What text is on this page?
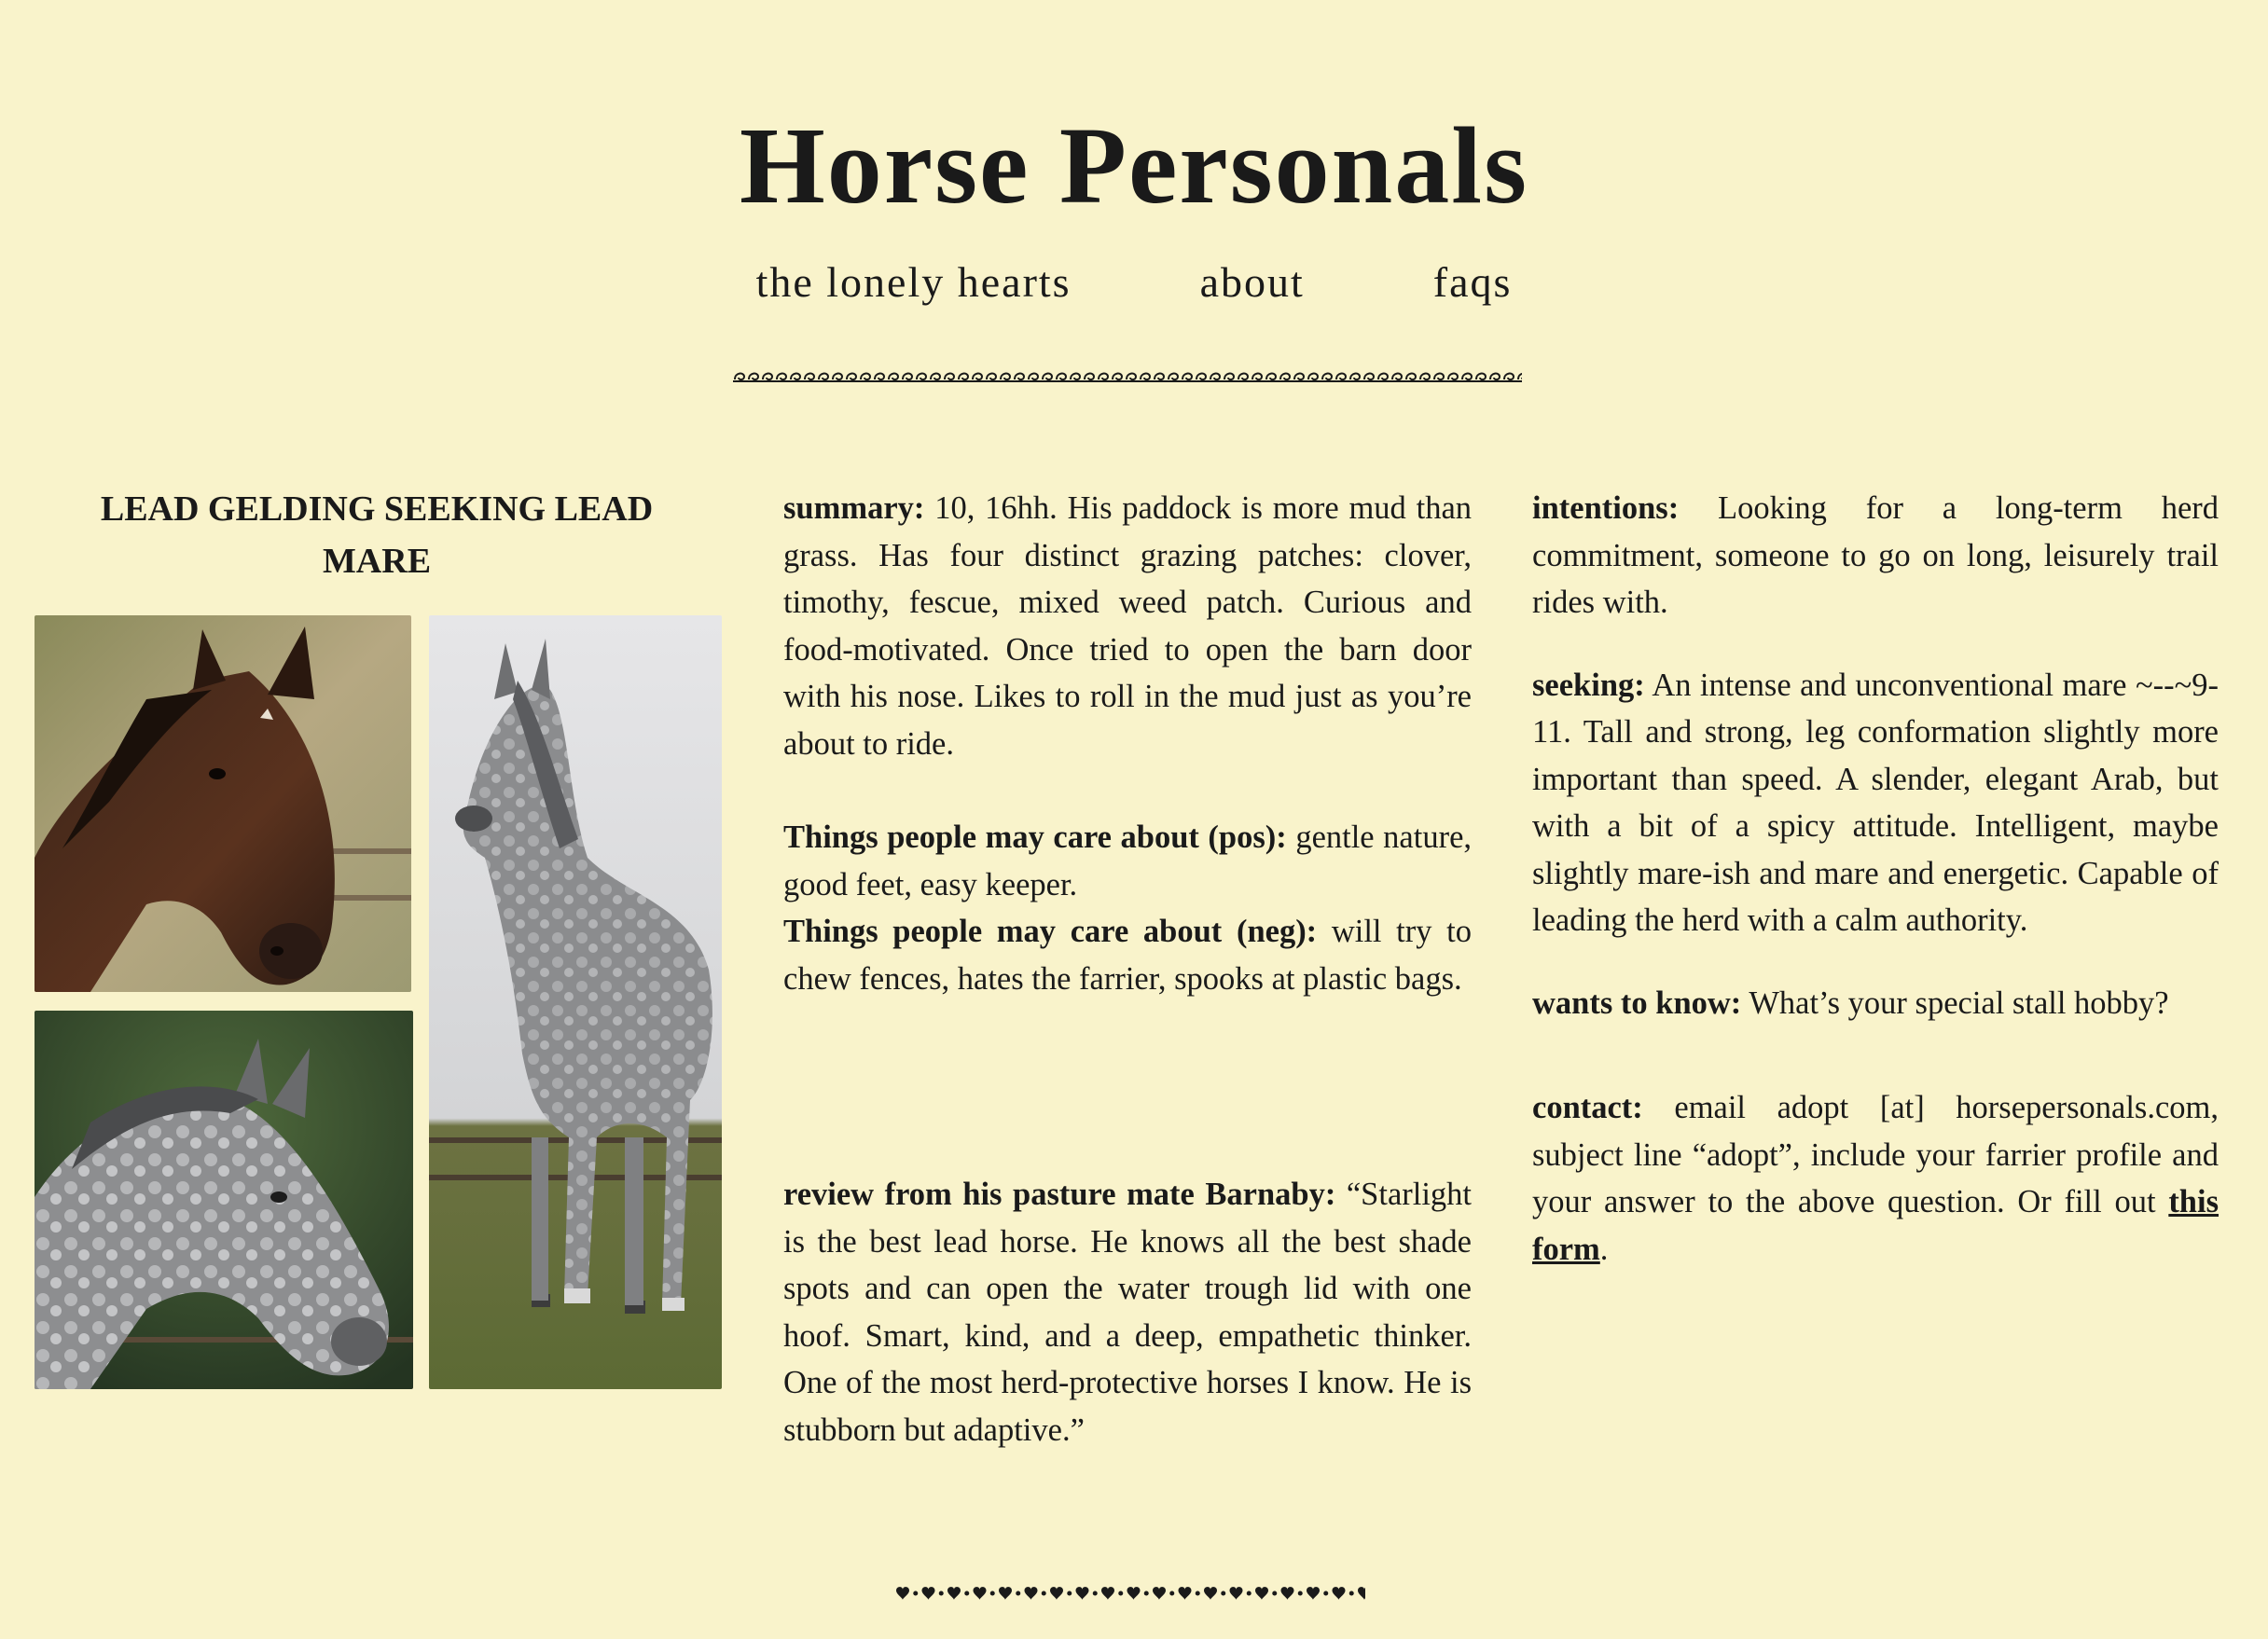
Horse Personals
the lonely hearts	about	faqs
LEAD GELDING SEEKING LEAD MARE

summary: 10, 16hh. His paddock is more mud than grass. Has four distinct grazing patches: clover, timothy, fescue, mixed weed patch. Curious and food-motivated. Once tried to open the barn door with his nose. Likes to roll in the mud just as you’re about to ride.

Things people may care about (pos): gentle nature, good feet, easy keeper.

Things people may care about (neg): will try to chew fences, hates the farrier, spooks at plastic bags.

review from his pasture mate Barnaby: “Starlight is the best lead horse. He knows all the best shade spots and can open the water trough lid with one hoof. Smart, kind, and a deep, empathetic thinker. One of the most herd-protective horses I know. He is stubborn but adaptive.”

intentions: Looking for a long-term herd commitment, someone to go on long, leisurely trail rides with.

seeking: An intense and unconventional mare ~--~9-11. Tall and strong, leg conformation slightly more important than speed. A slender, elegant Arab, but with a bit of a spicy attitude. Intelligent, maybe slightly mare-ish and mare and energetic. Capable of leading the herd with a calm authority.

wants to know: What’s your special stall hobby?

contact: email adopt [at] horsepersonals.com, subject line “adopt”, include your farrier profile and your answer to the above question. Or fill out this form.
